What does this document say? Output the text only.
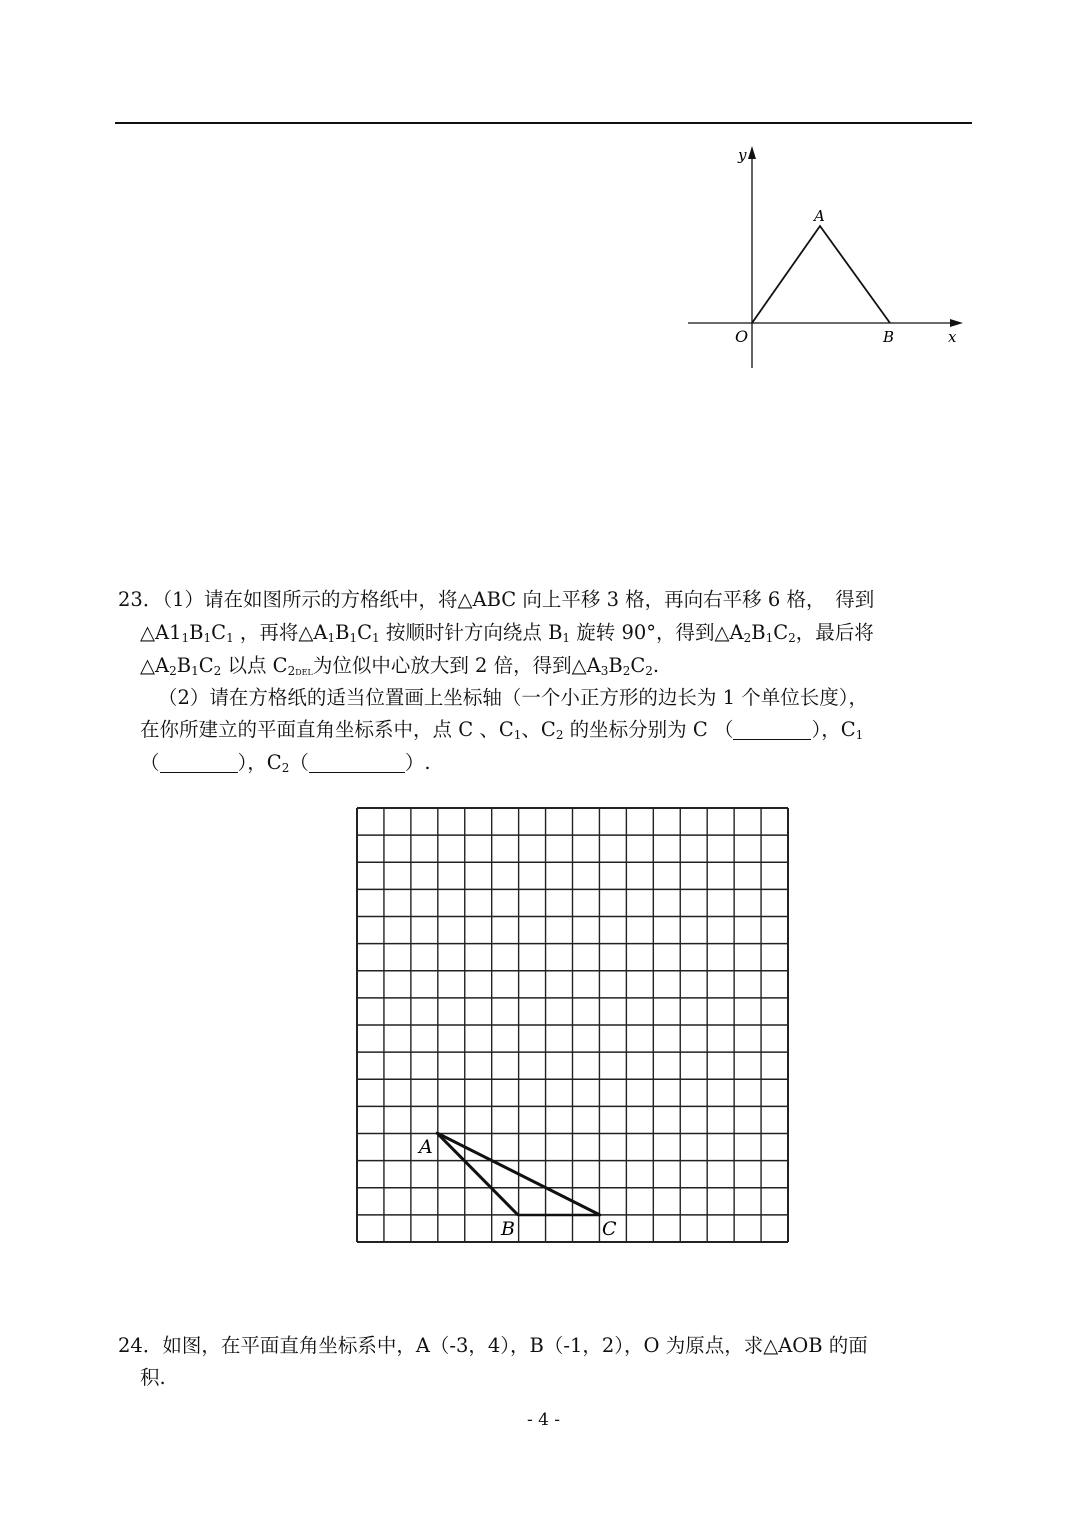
y
x
O
A
B
23．（1）请在如图所示的方格纸中，将△ABC 向上平移 3 格，再向右平移 6 格，　得到
$\triangle A1_1B_1C_1$ ，再将$\triangle A_1B_1C_1$ 按顺时针方向绕点 $B_1$ 旋转 90°，得到$\triangle A_2B_1C_2$，最后将
$\triangle A_2B_1C_2$ 以点 $C_2DEL$为位似中心放大到 2 倍，得到$\triangle A_3B_2C_2$.
（2）请在方格纸的适当位置画上坐标轴（一个小正方形的边长为 1 个单位长度），
在你所建立的平面直角坐标系中，点 C 、$C_1$、$C_2$ 的坐标分别为 C （	），$C_1$
（	），$C_2$（	）.
A
B	C
24．如图，在平面直角坐标系中，A（-3，4），B（-1，2），O 为原点，求△AOB 的面
积.
- 4 -
